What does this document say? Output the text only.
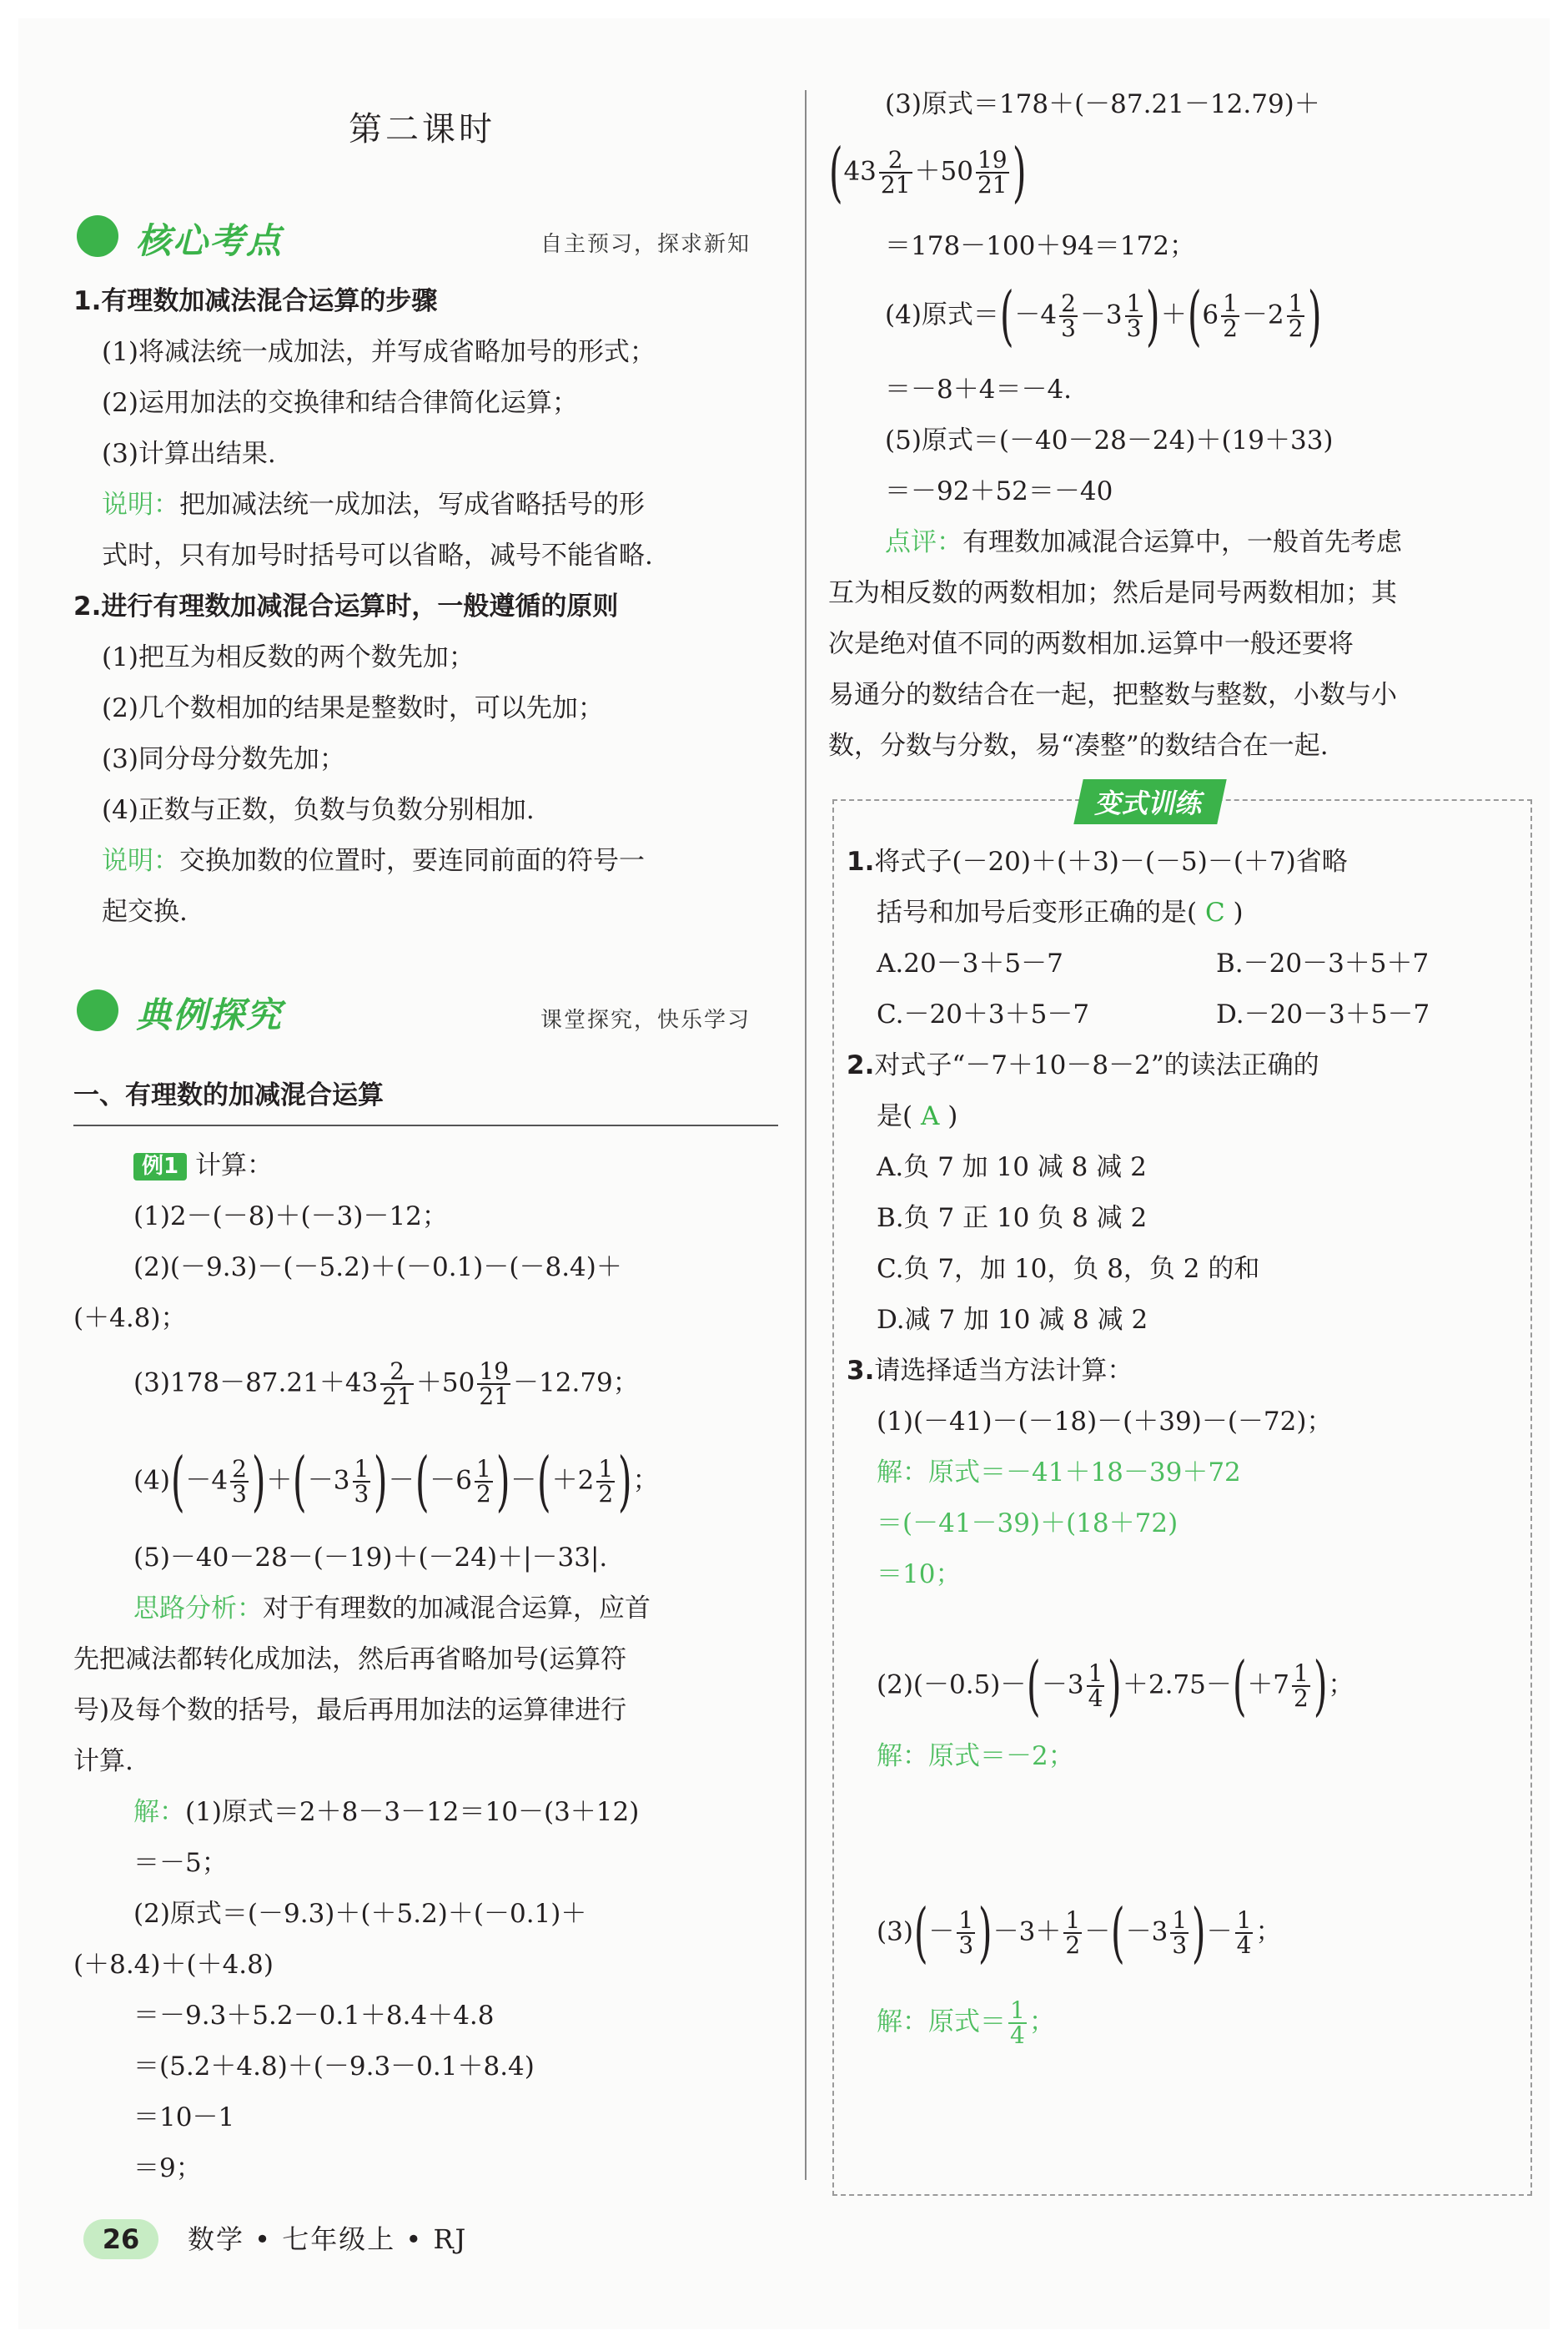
第二课时
核心考点	自主预习，探求新知
1.有理数加减法混合运算的步骤
(1)将减法统一成加法，并写成省略加号的形式；
(2)运用加法的交换律和结合律简化运算；
(3)计算出结果.
说明：把加减法统一成加法，写成省略括号的形
式时，只有加号时括号可以省略，减号不能省略.
2.进行有理数加减混合运算时，一般遵循的原则
(1)把互为相反数的两个数先加；
(2)几个数相加的结果是整数时，可以先加；
(3)同分母分数先加；
(4)正数与正数，负数与负数分别相加.
说明：交换加数的位置时，要连同前面的符号一
起交换.
典例探究	课堂探究，快乐学习
一、有理数的加减混合运算
例1 计算：
(1)2－(－8)＋(－3)－12；
(2)(－9.3)－(－5.2)＋(－0.1)－(－8.4)＋
(＋4.8)；
$(3)178-87.21+43 \frac{2}{21} +50 \frac{19}{21} -12.79$；
$(4)(-4 \frac{2}{3} )+(-3 \frac{1}{3} )-(-6 \frac{1}{2} )-(+2 \frac{1}{2}$ )；
(5)－40－28－(－19)＋(－24)＋|－33|.
思路分析：对于有理数的加减混合运算，应首
先把减法都转化成加法，然后再省略加号(运算符
号)及每个数的括号，最后再用加法的运算律进行
计算.
解：(1)原式＝2＋8－3－12＝10－(3＋12)
＝－5；
(2)原式＝(－9.3)＋(＋5.2)＋(－0.1)＋
(＋8.4)＋(＋4.8)
＝－9.3＋5.2－0.1＋8.4＋4.8
＝(5.2＋4.8)＋(－9.3－0.1＋8.4)
＝10－1
＝9；
(3)原式＝178＋(－87.21－12.79)＋
($43 \frac{2}{21} +50 \frac{19}{21}$ )
＝178－100＋94＝172；
(4)原式$=(-4 \frac{2}{3} -3 \frac{1}{3} )+(6 \frac{1}{2} -2 \frac{1}{2}$ )
＝－8＋4＝－4.
(5)原式＝(－40－28－24)＋(19＋33)
＝－92＋52＝－40
点评：有理数加减混合运算中，一般首先考虑
互为相反数的两数相加；然后是同号两数相加；其
次是绝对值不同的两数相加.运算中一般还要将
易通分的数结合在一起，把整数与整数，小数与小
数，分数与分数，易“凑整”的数结合在一起.
变式训练
1.将式子(－20)＋(＋3)－(－5)－(＋7)省略
括号和加号后变形正确的是( C )
A.20－3＋5－7	B.－20－3＋5＋7
C.－20＋3＋5－7	D.－20－3＋5－7
2.对式子“－7＋10－8－2”的读法正确的
是( A )
A.负 7 加 10 减 8 减 2
B.负 7 正 10 负 8 减 2
C.负 7，加 10，负 8，负 2 的和
D.减 7 加 10 减 8 减 2
3.请选择适当方法计算：
(1)(－41)－(－18)－(＋39)－(－72)；
解：原式＝－41＋18－39＋72
＝(－41－39)＋(18＋72)
＝10；
$(2)(-0.5)-(-3 \frac{1}{4} )+2.75-(+7 \frac{1}{2}$ )；
解：原式＝－2；
$(3)(- \frac{1}{3} )-3+ \frac{1}{2} -(-3 \frac{1}{3}$ )－ $\frac{1}{4}$ ；
解：原式＝ $\frac{1}{4}$ ；
26	数学 • 七年级上 • RJ
